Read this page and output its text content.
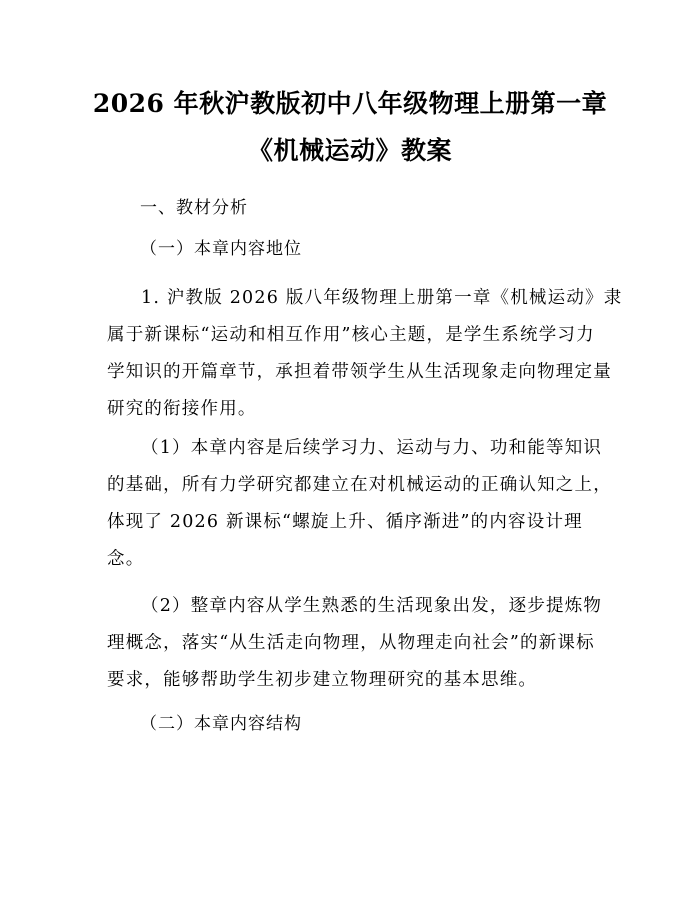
2026 年秋沪教版初中八年级物理上册第一章
《机械运动》教案
一、教材分析
（一）本章内容地位
1. 沪教版 2026 版八年级物理上册第一章《机械运动》隶
属于新课标“运动和相互作用”核心主题，是学生系统学习力
学知识的开篇章节，承担着带领学生从生活现象走向物理定量
研究的衔接作用。
（1）本章内容是后续学习力、运动与力、功和能等知识
的基础，所有力学研究都建立在对机械运动的正确认知之上，
体现了 2026 新课标“螺旋上升、循序渐进”的内容设计理
念。
（2）整章内容从学生熟悉的生活现象出发，逐步提炼物
理概念，落实“从生活走向物理，从物理走向社会”的新课标
要求，能够帮助学生初步建立物理研究的基本思维。
（二）本章内容结构
